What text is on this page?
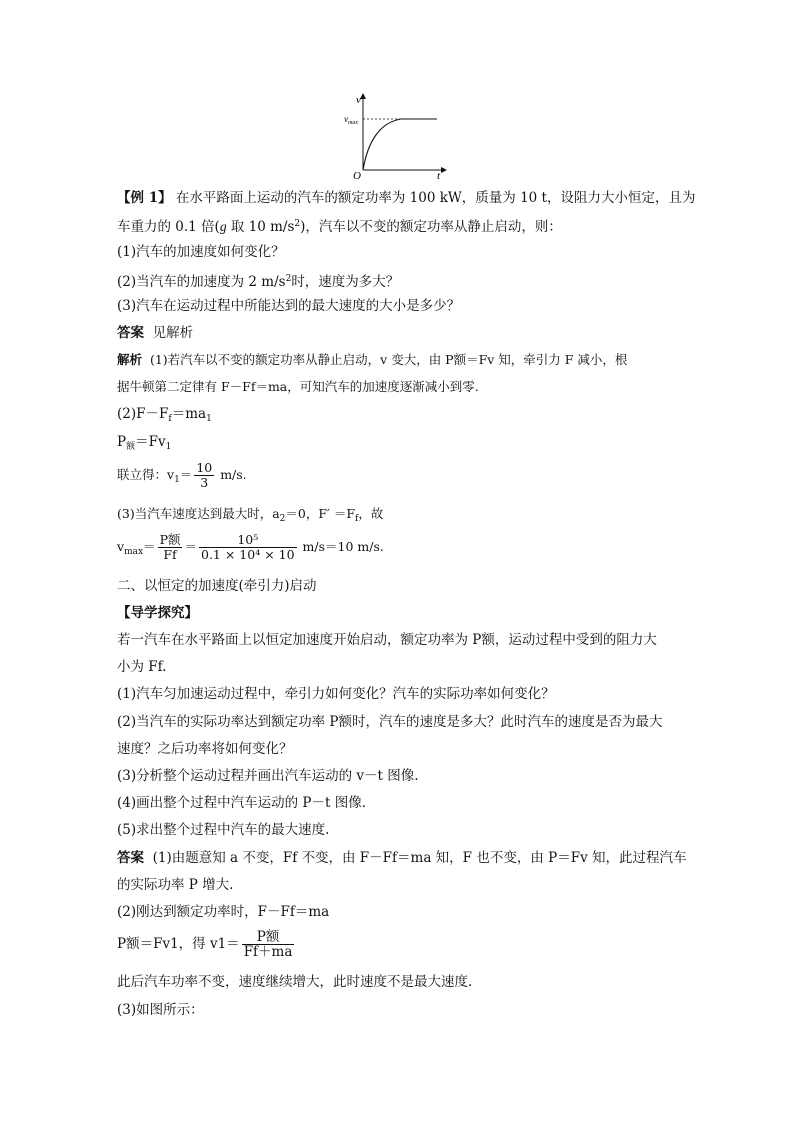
v
t
O
$v_{max}$
【例 1】 在水平路面上运动的汽车的额定功率为 100 kW，质量为 10 t，设阻力大小恒定，且为
车重力的 0.1 倍(g 取 10 $m/s^2$)，汽车以不变的额定功率从静止启动，则：
(1)汽车的加速度如何变化？
(2)当汽车的加速度为 2 $m/s^2$时，速度为多大？
(3)汽车在运动过程中所能达到的最大速度的大小是多少？
答案 见解析
解析 (1)若汽车以不变的额定功率从静止启动，v 变大，由 P额＝Fv 知，牵引力 F 减小，根
据牛顿第二定律有 F－Ff＝ma，可知汽车的加速度逐渐减小到零.
$(2)F-F_f=ma_1$
$P_额=Fv_1$
联立得：$v_1= \frac{10}{3} m/s$.
(3)当汽车速度达到最大时，$a_2=0$，$F' =F_f$，故
$v_{max}= \frac{\text{P额}}{Ff} = \frac{\text{10⁵}}{\text{0.1 × 10⁴ × 10}} m/s=10$ m/s.
二、以恒定的加速度(牵引力)启动
【导学探究】
若一汽车在水平路面上以恒定加速度开始启动，额定功率为 P额，运动过程中受到的阻力大
小为 Ff.
(1)汽车匀加速运动过程中，牵引力如何变化？汽车的实际功率如何变化？
(2)当汽车的实际功率达到额定功率 P额时，汽车的速度是多大？此时汽车的速度是否为最大
速度？之后功率将如何变化？
(3)分析整个运动过程并画出汽车运动的 v－t 图像.
(4)画出整个过程中汽车运动的 P－t 图像.
(5)求出整个过程中汽车的最大速度.
答案 (1)由题意知 a 不变，Ff 不变，由 F－Ff＝ma 知，F 也不变，由 P＝Fv 知，此过程汽车
的实际功率 P 增大.
(2)刚达到额定功率时，F－Ff＝ma
P额＝Fv1，得 $v1= \frac{\text{P额}}{Ff+ma}$
此后汽车功率不变，速度继续增大，此时速度不是最大速度.
(3)如图所示：
